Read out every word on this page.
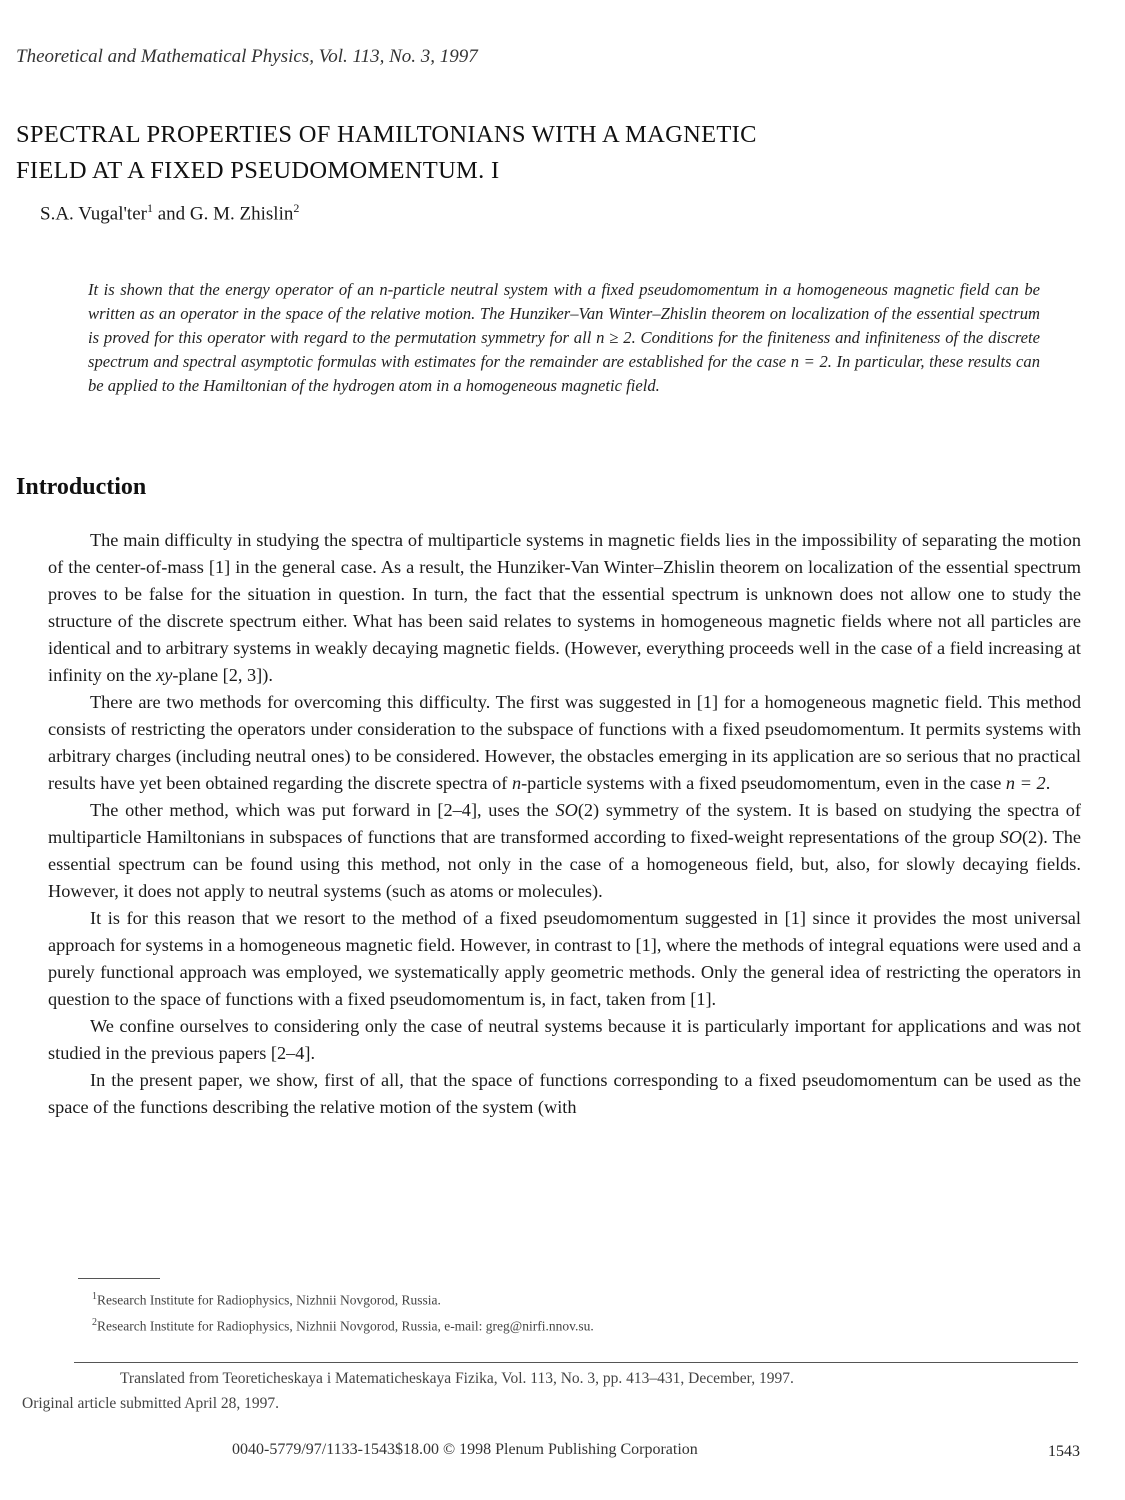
Theoretical and Mathematical Physics, Vol. 113, No. 3, 1997
SPECTRAL PROPERTIES OF HAMILTONIANS WITH A MAGNETIC
FIELD AT A FIXED PSEUDOMOMENTUM. I
S.A. Vugal'ter$^1$ and G. M. Zhislin$^2$
It is shown that the energy operator of an n-particle neutral system with a fixed pseudomomentum in a homogeneous magnetic field can be written as an operator in the space of the relative motion. The Hunziker–Van Winter–Zhislin theorem on localization of the essential spectrum is proved for this operator with regard to the permutation symmetry for all n ≥ 2. Conditions for the finiteness and infiniteness of the discrete spectrum and spectral asymptotic formulas with estimates for the remainder are established for the case n = 2. In particular, these results can be applied to the Hamiltonian of the hydrogen atom in a homogeneous magnetic field.
Introduction

The main difficulty in studying the spectra of multiparticle systems in magnetic fields lies in the impossibility of separating the motion of the center-of-mass [1] in the general case. As a result, the Hunziker-Van Winter–Zhislin theorem on localization of the essential spectrum proves to be false for the situation in question. In turn, the fact that the essential spectrum is unknown does not allow one to study the structure of the discrete spectrum either. What has been said relates to systems in homogeneous magnetic fields where not all particles are identical and to arbitrary systems in weakly decaying magnetic fields. (However, everything proceeds well in the case of a field increasing at infinity on the xy-plane [2, 3]).

There are two methods for overcoming this difficulty. The first was suggested in [1] for a homogeneous magnetic field. This method consists of restricting the operators under consideration to the subspace of functions with a fixed pseudomomentum. It permits systems with arbitrary charges (including neutral ones) to be considered. However, the obstacles emerging in its application are so serious that no practical results have yet been obtained regarding the discrete spectra of n-particle systems with a fixed pseudomomentum, even in the case n = 2.

The other method, which was put forward in [2–4], uses the SO(2) symmetry of the system. It is based on studying the spectra of multiparticle Hamiltonians in subspaces of functions that are transformed according to fixed-weight representations of the group SO(2). The essential spectrum can be found using this method, not only in the case of a homogeneous field, but, also, for slowly decaying fields. However, it does not apply to neutral systems (such as atoms or molecules).

It is for this reason that we resort to the method of a fixed pseudomomentum suggested in [1] since it provides the most universal approach for systems in a homogeneous magnetic field. However, in contrast to [1], where the methods of integral equations were used and a purely functional approach was employed, we systematically apply geometric methods. Only the general idea of restricting the operators in question to the space of functions with a fixed pseudomomentum is, in fact, taken from [1].

We confine ourselves to considering only the case of neutral systems because it is particularly important for applications and was not studied in the previous papers [2–4].

In the present paper, we show, first of all, that the space of functions corresponding to a fixed pseudomomentum can be used as the space of the functions describing the relative motion of the system (with

$^1$Research Institute for Radiophysics, Nizhnii Novgorod, Russia.
$^2$Research Institute for Radiophysics, Nizhnii Novgorod, Russia, e-mail: greg@nirfi.nnov.su.
Translated from Teoreticheskaya i Matematicheskaya Fizika, Vol. 113, No. 3, pp. 413–431, December, 1997.
Original article submitted April 28, 1997.
0040-5779/97/1133-1543$18.00 © 1998 Plenum Publishing Corporation	1543
